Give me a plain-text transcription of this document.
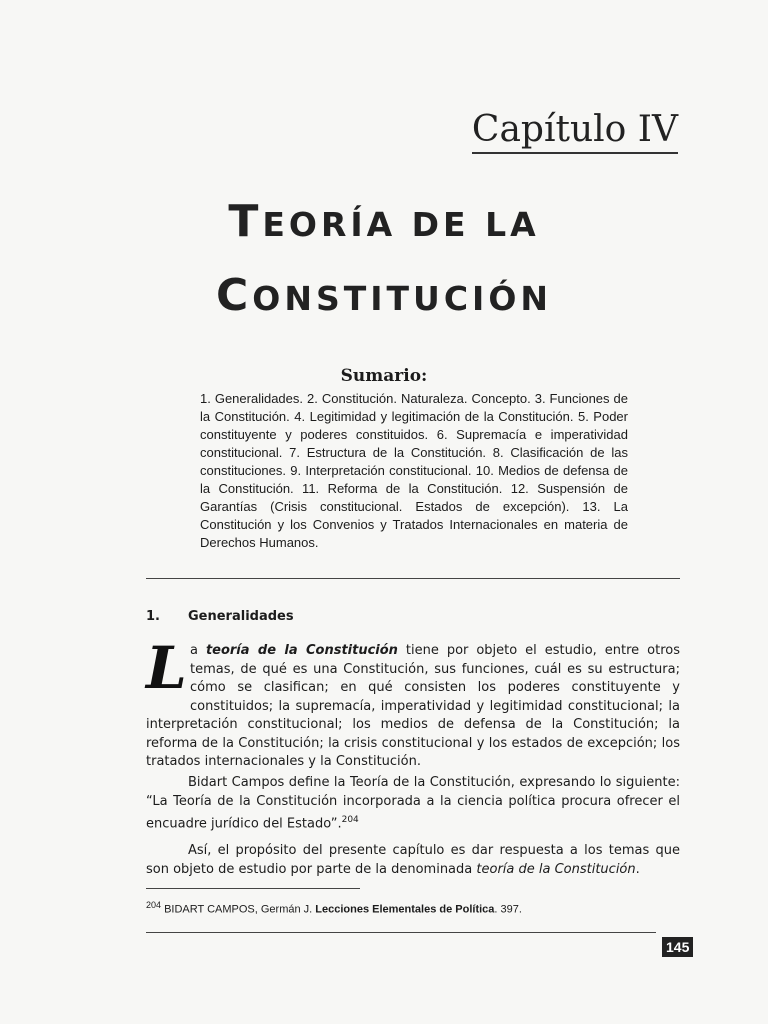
Capítulo IV
TEORÍA DE LA
CONSTITUCIÓN
Sumario:
1. Generalidades. 2. Constitución. Naturaleza. Concepto. 3. Funciones de la Constitución. 4. Legitimidad y legitimación de la Constitución. 5. Poder constituyente y poderes constituidos. 6. Supremacía e imperatividad constitucional. 7. Estructura de la Constitución. 8. Clasificación de las constituciones. 9. Interpretación constitucional. 10. Medios de defensa de la Constitución. 11. Reforma de la Constitución. 12. Suspensión de Garantías (Crisis constitucional. Estados de excepción). 13. La Constitución y los Convenios y Tratados Internacionales en materia de Derechos Humanos.
1. Generalidades
La teoría de la Constitución tiene por objeto el estudio, entre otros temas, de qué es una Constitución, sus funciones, cuál es su estructura; cómo se clasifican; en qué consisten los poderes constituyente y constituidos; la supremacía, imperatividad y legitimidad constitucional; la interpretación constitucional; los medios de defensa de la Constitución; la reforma de la Constitución; la crisis constitucional y los estados de excepción; los tratados internacionales y la Constitución.
Bidart Campos define la Teoría de la Constitución, expresando lo siguiente: “La Teoría de la Constitución incorporada a la ciencia política procura ofrecer el encuadre jurídico del Estado”.$^{204}$
Así, el propósito del presente capítulo es dar respuesta a los temas que son objeto de estudio por parte de la denominada teoría de la Constitución.
$^{204}$ BIDART CAMPOS, Germán J. Lecciones Elementales de Política. 397.
145
